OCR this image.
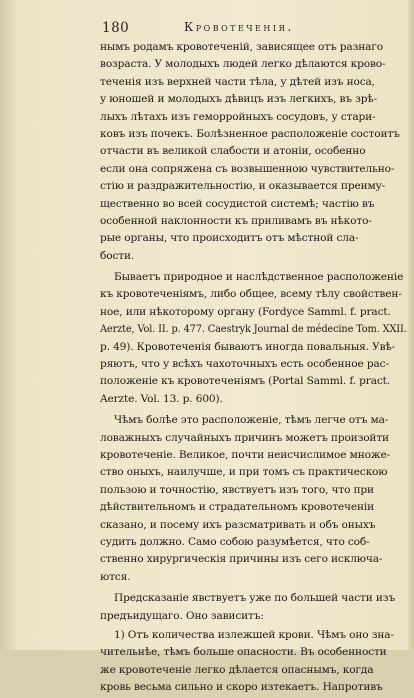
180	Кровотеченія.
нымъ родамъ кровотеченій, зависящее отъ разнаго
возраста. У молодыхъ людей легко дѣлаются крово-
теченія изъ верхней части тѣла, у дѣтей изъ носа,
у юношей и молодыхъ дѣвицъ изъ легкихъ, въ зрѣ-
лыхъ лѣтахъ изъ геморройныхъ сосудовъ, у стари-
ковъ изъ почекъ. Болѣзненное расположеніе состоитъ
отчасти въ великой слабости и атоніи, особенно
если она сопряжена съ возвышенною чувствительно-
стію и раздражительностію, и оказывается преиму-
щественно во всей сосудистой системѣ; частію въ
особенной наклонности къ приливамъ въ нѣкото-
рые органы, что происходитъ отъ мѣстной сла-
бости.
Бываетъ природное и наслѣдственное расположеніе
къ кровотеченіямъ, либо общее, всему тѣлу свойствен-
ное, или нѣкоторому органу (Fordyce Samml. f. pract.
Aerzte, Vol. II. p. 477. Caestryk Journal de médecine Tom. XXII.
p. 49). Кровотеченія бываютъ иногда повальныя. Увѣ-
ряютъ, что у всѣхъ чахоточныхъ есть особенное рас-
положеніе къ кровотеченіямъ (Portal Samml. f. pract.
Aerzte. Vol. 13. p. 600).
Чѣмъ болѣе это расположеніе, тѣмъ легче отъ ма-
ловажныхъ случайныхъ причинъ можетъ произойти
кровотеченіе. Великое, почти неисчислимое множе-
ство оныхъ, наилучше, и при томъ съ практическою
пользою и точностію, явствуетъ изъ того, что при
дѣйствительномъ и страдательномъ кровотеченіи
сказано, и посему ихъ разсматривать и объ оныхъ
судить должно. Само собою разумѣется, что соб-
ственно хирургическія причины изъ сего исключа-
ются.
Предсказаніе явствуетъ уже по большей части изъ
предъидущаго. Оно зависитъ:
1) Отъ количества излежшей крови. Чѣмъ оно зна-
чительнѣе, тѣмъ больше опасности. Въ особенности
же кровотеченіе легко дѣлается опаснымъ, когда
кровь весьма сильно и скоро изтекаетъ. Напротивъ
